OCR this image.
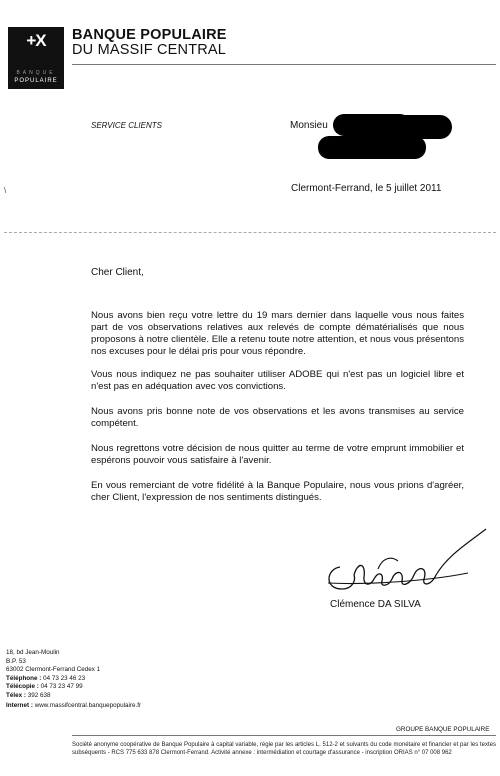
+X
BANQUE
POPULAIRE
BANQUE POPULAIRE
DU MASSIF CENTRAL
SERVICE CLIENTS	Monsieu
\	Clermont-Ferrand, le 5 juillet 2011
Cher Client,
Nous avons bien reçu votre lettre du 19 mars dernier dans laquelle vous nous faites part de vos observations relatives aux relevés de compte dématérialisés que nous proposons à notre clientèle. Elle a retenu toute notre attention, et nous vous présentons nos excuses pour le délai pris pour vous répondre.
Vous nous indiquez ne pas souhaiter utiliser ADOBE qui n'est pas un logiciel libre et n'est pas en adéquation avec vos convictions.
Nous avons pris bonne note de vos observations et les avons transmises au service compétent.
Nous regrettons votre décision de nous quitter au terme de votre emprunt immobilier et espérons pouvoir vous satisfaire à l'avenir.
En vous remerciant de votre fidélité à la Banque Populaire, nous vous prions d'agréer, cher Client, l'expression de nos sentiments distingués.
Clémence DA SILVA
18, bd Jean-Moulin
B.P. 53
63002 Clermont-Ferrand Cedex 1
Téléphone : 04 73 23 46 23
Télécopie : 04 73 23 47 99
Télex : 392 638
Internet : www.massifcentral.banquepopulaire.fr
GROUPE BANQUE POPULAIRE
Société anonyme coopérative de Banque Populaire à capital variable, régie par les articles L. 512-2 et suivants du code monétaire et financier et par les textes subséquents - RCS 775 633 878 Clermont-Ferrand. Activité annexe : intermédiation et courtage d'assurance - inscription ORIAS n° 07 008 962
